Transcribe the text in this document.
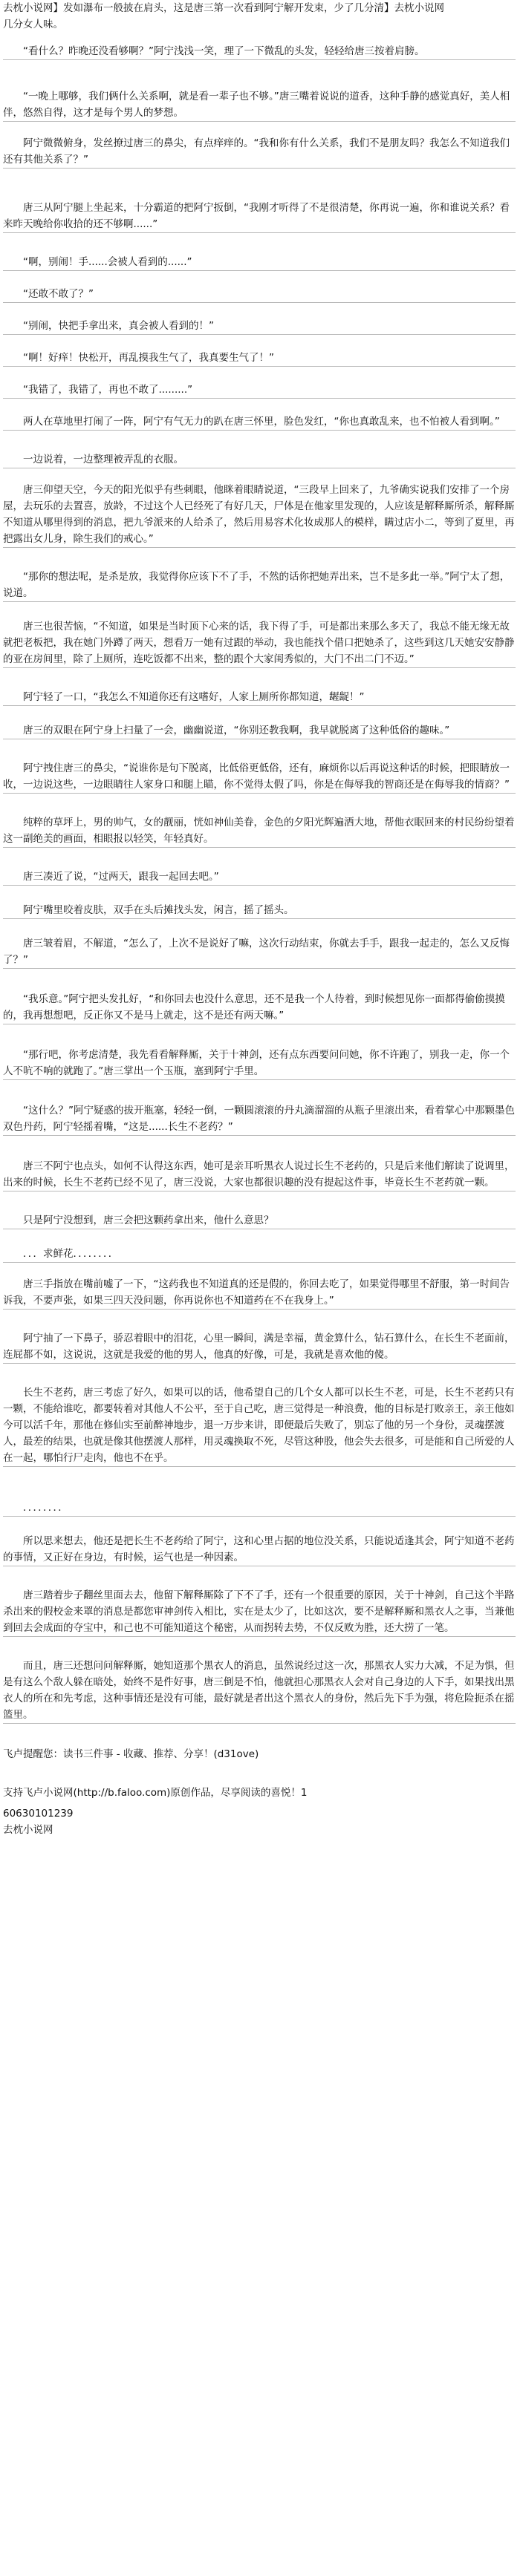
去枕小说网】发如瀑布一般披在肩头，这是唐三第一次看到阿宁解开发束，少了几分清】去枕小说网
几分女人味。
　　“看什么？昨晚还没看够啊？”阿宁浅浅一笑，理了一下微乱的头发，轻轻给唐三按着肩膀。
　　“一晚上哪够，我们俩什么关系啊，就是看一辈子也不够。”唐三嘴着说说的道香，这种手静的感觉真好，美人相伴，悠然自得，这才是每个男人的梦想。
　　阿宁微微俯身，发丝撩过唐三的鼻尖，有点痒痒的。“我和你有什么关系，我们不是朋友吗？我怎么不知道我们还有其他关系了？”
　　唐三从阿宁腿上坐起来，十分霸道的把阿宁扳倒，“我刚才听得了不是很清楚，你再说一遍，你和谁说关系？看来昨天晚给你收拾的还不够啊......”
　　“啊，别闹！手......会被人看到的......”
　　“还敢不敢了？”
　　“别闹，快把手拿出来，真会被人看到的！”
　　“啊！好痒！快松开，再乱摸我生气了，我真要生气了！”
　　“我错了，我错了，再也不敢了.........”
　　两人在草地里打闹了一阵，阿宁有气无力的趴在唐三怀里，脸色发红，“你也真敢乱来，也不怕被人看到啊。”
　　一边说着，一边整理被弄乱的衣服。
　　唐三仰望天空，今天的阳光似乎有些刺眼，他眯着眼睛说道，“三段早上回来了，九爷确实说我们安排了一个房屋，去玩乐的去置喜，放龄，不过这个人已经死了有好几天，尸体是在他家里发现的，人应该是解释厮所杀，解释厮不知道从哪里得到的消息，把九爷派来的人给杀了，然后用易容术化妆成那人的模样，瞒过店小二，等到了夏里，再把露出女儿身，除生我们的戒心。”
　　“那你的想法呢，是杀是放，我觉得你应该下不了手，不然的话你把她弄出来，岂不是多此一举。”阿宁太了想，说道。
　　唐三也很苦恼，“不知道，如果是当时顶下心来的话，我下得了手，可是都出来那么多天了，我总不能无缘无故就把老板把，我在她门外蹲了两天，想看万一她有过跟的举动，我也能找个借口把她杀了，这些到这几天她安安静静的亚在房间里，除了上厕所，连吃饭都不出来，整的跟个大家闺秀似的，大门不出二门不迈。”
　　阿宁轻了一口，“我怎么不知道你还有这嗜好，人家上厕所你都知道，龌龊！”
　　唐三的双眼在阿宁身上扫量了一会，幽幽说道，“你别还教我啊，我早就脱离了这种低俗的趣味。”
　　阿宁拽住唐三的鼻尖，“说谁你是句下脱离，比低俗更低俗，还有，麻烦你以后再说这种话的时候，把眼睛放一收，一边说这些，一边眼睛往人家身口和腿上瞄，你不觉得太假了吗，你是在侮辱我的智商还是在侮辱我的情商？”
　　纯粹的草坪上，男的帅气，女的靓丽，恍如神仙美眷，金色的夕阳光辉遍洒大地，帮他衣眠回来的村民纷纷望着这一副绝美的画面，相眼报以轻笑，年轻真好。
　　唐三凑近了说，“过两天，跟我一起回去吧。”
　　阿宁嘴里咬着皮肤，双手在头后摊找头发，闲言，摇了摇头。
　　唐三皱着眉，不解道，“怎么了，上次不是说好了嘛，这次行动结束，你就去手手，跟我一起走的，怎么又反悔了？”
　　“我乐意。”阿宁把头发扎好，“和你回去也没什么意思，还不是我一个人待着，到时候想见你一面都得偷偷摸摸的，我再想想吧，反正你又不是马上就走，这不是还有两天嘛。”
　　“那行吧，你考虑清楚，我先看看解释厮，关于十神剑，还有点东西要问问她，你不许跑了，别我一走，你一个人不吭不响的就跑了。”唐三掌出一个玉瓶，塞到阿宁手里。
　　“这什么？”阿宁疑惑的拔开瓶塞，轻轻一倒，一颗圆滚滚的丹丸滴溜溜的从瓶子里滚出来，看着掌心中那颗墨色双色丹药，阿宁轻摇着嘴，“这是......长生不老药？”
　　唐三不阿宁也点头，如何不认得这东西，她可是亲耳听黑衣人说过长生不老药的，只是后来他们解读了说调里，出来的时候，长生不老药已经不见了，唐三没说，大家也都很识趣的没有提起这件事，毕竟长生不老药就一颗。
　　只是阿宁没想到，唐三会把这颗药拿出来，他什么意思？
　　．．．求鲜花．．．．．．．．
　　唐三手指放在嘴前嘘了一下，“这药我也不知道真的还是假的，你回去吃了，如果觉得哪里不舒服，第一时间告诉我，不要声张，如果三四天没问题，你再说你也不知道药在不在我身上。”
　　阿宁抽了一下鼻子，骄忍着眼中的泪花，心里一瞬间，满是幸福，黄金算什么，钻石算什么，在长生不老面前，连屁都不如，这说说，这就是我爱的他的男人，他真的好像，可是，我就是喜欢他的傻。
　　长生不老药，唐三考虑了好久，如果可以的话，他希望自己的几个女人都可以长生不老，可是，长生不老药只有一颗，不能给谁吃，都要转着对其他人不公平，至于自己吃，唐三觉得是一种浪费，他的目标是打败亲王，亲王他如今可以活千年，那他在修仙实至前醉神地步，退一万步来讲，即便最后失败了，别忘了他的另一个身份，灵魂摆渡人，最差的结果，也就是像其他摆渡人那样，用灵魂换取不死，尽管这种股，他会失去很多，可是能和自己所爱的人在一起，哪怕行尸走肉，他也不在乎。
　　．．．．．．．．
　　所以思来想去，他还是把长生不老药给了阿宁，这和心里占据的地位没关系，只能说适逢其会，阿宁知道不老药的事情，又正好在身边，有时候，运气也是一种因素。
　　唐三踏着步子翻丝里面去去，他留下解释厮除了下不了手，还有一个很重要的原因，关于十神剑，自己这个半路杀出来的假校金来罩的消息是都您审神剑传入相比，实在是太少了，比如这次，要不是解释厮和黑衣人之事，当兼他到回去会成面的夺宝中，和己也不可能知道这个秘密，从而拐转去势，不仅反败为胜，还大捞了一笔。
　　而且，唐三还想问问解释厮，她知道那个黑衣人的消息，虽然说经过这一次，那黑衣人实力大减，不足为惧，但是有这么个敌人躲在暗处，始终不是件好事，唐三倒是不怕，他就担心那黑衣人会对自己身边的人下手，如果找出黑衣人的所在和先考虑，这种事情还是没有可能，最好就是者出这个黑衣人的身份，然后先下手为强，将危险扼杀在摇篮里。
飞卢提醒您：读书三件事 - 收藏、推荐、分享！(d31ove)
支持飞卢小说网(http://b.faloo.com)原创作品，尽享阅读的喜悦！1
60630101239
去枕小说网
